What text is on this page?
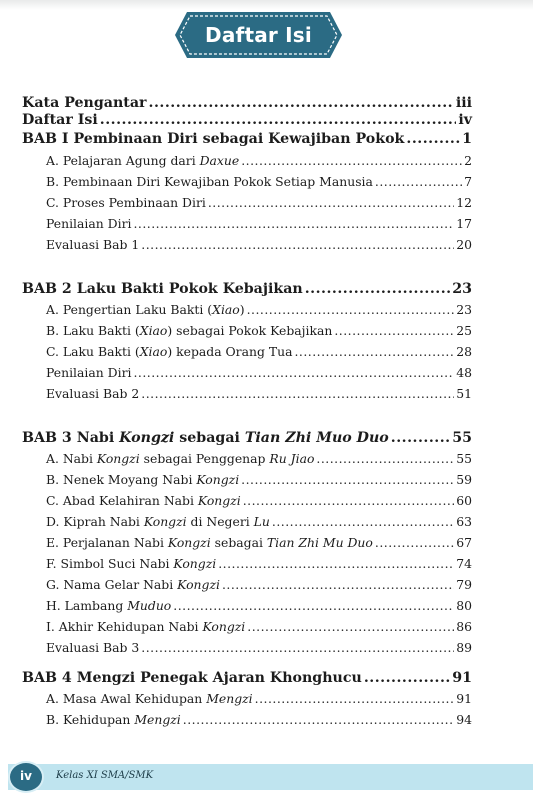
Daftar Isi
Kata Pengantar .....	iii
Daftar Isi .....	iv
BAB I Pembinaan Diri sebagai Kewajiban Pokok .....	1
A. Pelajaran Agung dari Daxue .....	2
B. Pembinaan Diri Kewajiban Pokok Setiap Manusia .....	7
C. Proses Pembinaan Diri .....	12
Penilaian Diri .....	17
Evaluasi Bab 1 .....	20
BAB 2 Laku Bakti Pokok Kebajikan .....	23
A. Pengertian Laku Bakti (Xiao) .....	23
B. Laku Bakti (Xiao) sebagai Pokok Kebajikan .....	25
C. Laku Bakti (Xiao) kepada Orang Tua .....	28
Penilaian Diri .....	48
Evaluasi Bab 2 .....	51
BAB 3 Nabi Kongzi sebagai Tian Zhi Muo Duo .....	55
A. Nabi Kongzi sebagai Penggenap Ru Jiao .....	55
B. Nenek Moyang Nabi Kongzi .....	59
C. Abad Kelahiran Nabi Kongzi .....	60
D. Kiprah Nabi Kongzi di Negeri Lu .....	63
E. Perjalanan Nabi Kongzi sebagai Tian Zhi Mu Duo .....	67
F. Simbol Suci Nabi Kongzi .....	74
G. Nama Gelar Nabi Kongzi .....	79
H. Lambang Muduo .....	80
I. Akhir Kehidupan Nabi Kongzi .....	86
Evaluasi Bab 3 .....	89
BAB 4 Mengzi Penegak Ajaran Khonghucu .....	91
A. Masa Awal Kehidupan Mengzi .....	91
B. Kehidupan Mengzi .....	94
iv	Kelas XI SMA/SMK
